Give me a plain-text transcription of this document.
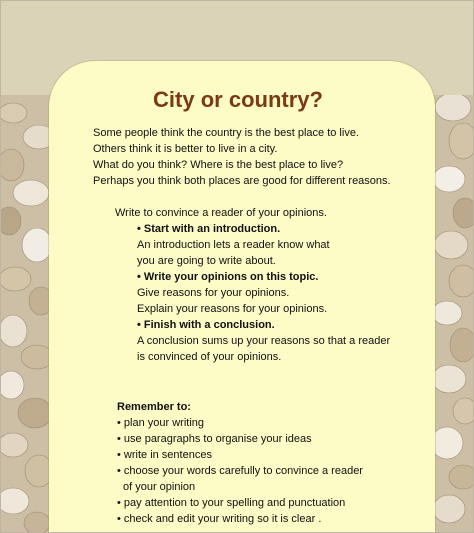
City or country?
Some people think the country is the best place to live.
Others think it is better to live in a city.
What do you think? Where is the best place to live?
Perhaps you think both places are good for different reasons.
Write to convince a reader of your opinions.
• Start with an introduction.
An introduction lets a reader know what
you are going to write about.
• Write your opinions on this topic.
Give reasons for your opinions.
Explain your reasons for your opinions.
• Finish with a conclusion.
A conclusion sums up your reasons so that a reader
is convinced of your opinions.
Remember to:
• plan your writing
• use paragraphs to organise your ideas
• write in sentences
• choose your words carefully to convince a reader
of your opinion
• pay attention to your spelling and punctuation
• check and edit your writing so it is clear .
